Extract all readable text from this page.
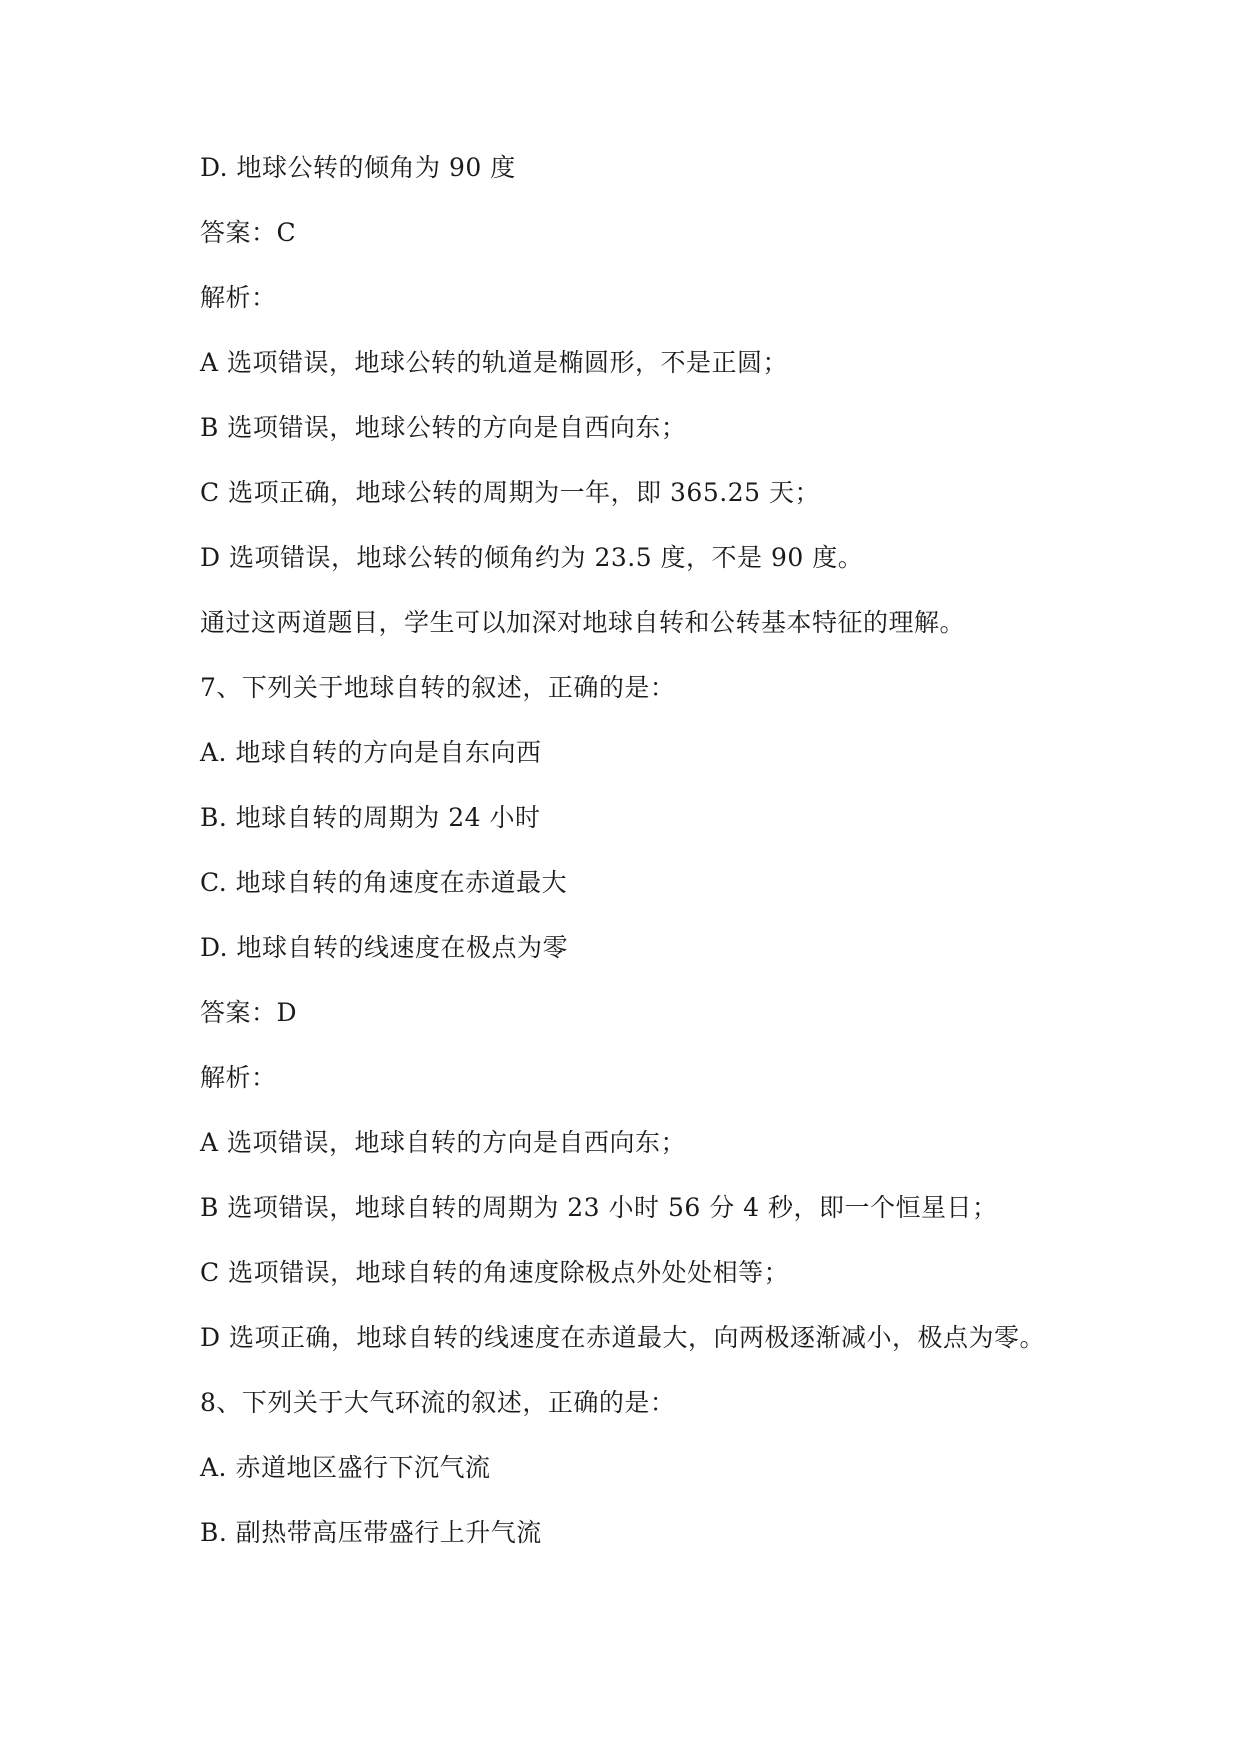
D. 地球公转的倾角为 90 度
答案：C
解析：
A 选项错误，地球公转的轨道是椭圆形，不是正圆；
B 选项错误，地球公转的方向是自西向东；
C 选项正确，地球公转的周期为一年，即 365.25 天；
D 选项错误，地球公转的倾角约为 23.5 度，不是 90 度。
通过这两道题目，学生可以加深对地球自转和公转基本特征的理解。
7、下列关于地球自转的叙述，正确的是：
A. 地球自转的方向是自东向西
B. 地球自转的周期为 24 小时
C. 地球自转的角速度在赤道最大
D. 地球自转的线速度在极点为零
答案：D
解析：
A 选项错误，地球自转的方向是自西向东；
B 选项错误，地球自转的周期为 23 小时 56 分 4 秒，即一个恒星日；
C 选项错误，地球自转的角速度除极点外处处相等；
D 选项正确，地球自转的线速度在赤道最大，向两极逐渐减小，极点为零。
8、下列关于大气环流的叙述，正确的是：
A. 赤道地区盛行下沉气流
B. 副热带高压带盛行上升气流
